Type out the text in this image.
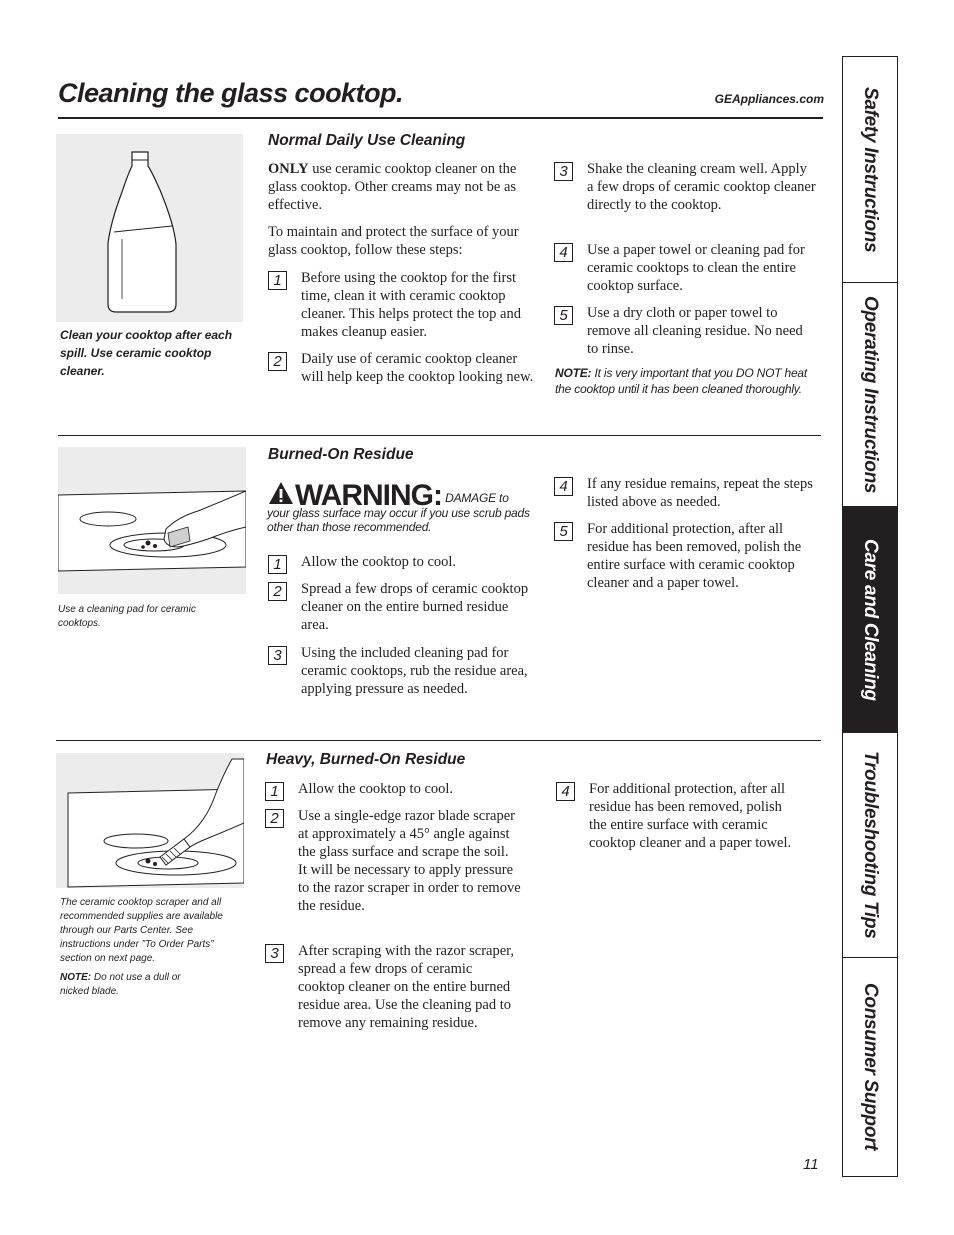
Cleaning the glass cooktop.	GEAppliances.com
Clean your cooktop after each spill. Use ceramic cooktop cleaner.
Normal Daily Use Cleaning
ONLY use ceramic cooktop cleaner on the glass cooktop. Other creams may not be as effective.
To maintain and protect the surface of your glass cooktop, follow these steps:
1	Before using the cooktop for the first time, clean it with ceramic cooktop cleaner. This helps protect the top and makes cleanup easier.
2	Daily use of ceramic cooktop cleaner will help keep the cooktop looking new.
3	Shake the cleaning cream well. Apply a few drops of ceramic cooktop cleaner directly to the cooktop.
4	Use a paper towel or cleaning pad for ceramic cooktops to clean the entire cooktop surface.
5	Use a dry cloth or paper towel to remove all cleaning residue. No need to rinse.
NOTE: It is very important that you DO NOT heat the cooktop until it has been cleaned thoroughly.
Use a cleaning pad for ceramic cooktops.
Burned-On Residue
WARNING: DAMAGE to your glass surface may occur if you use scrub pads other than those recommended.
1	Allow the cooktop to cool.
2	Spread a few drops of ceramic cooktop cleaner on the entire burned residue area.
3	Using the included cleaning pad for ceramic cooktops, rub the residue area, applying pressure as needed.
4	If any residue remains, repeat the steps listed above as needed.
5	For additional protection, after all residue has been removed, polish the entire surface with ceramic cooktop cleaner and a paper towel.
The ceramic cooktop scraper and all recommended supplies are available through our Parts Center. See instructions under ”To Order Parts” section on next page.
NOTE: Do not use a dull or nicked blade.
Heavy, Burned-On Residue
1	Allow the cooktop to cool.
2	Use a single-edge razor blade scraper at approximately a 45° angle against the glass surface and scrape the soil. It will be necessary to apply pressure to the razor scraper in order to remove the residue.
3	After scraping with the razor scraper, spread a few drops of ceramic cooktop cleaner on the entire burned residue area. Use the cleaning pad to remove any remaining residue.
4	For additional protection, after all residue has been removed, polish the entire surface with ceramic cooktop cleaner and a paper towel.
Safety Instructions
Operating Instructions
Care and Cleaning
Troubleshooting Tips
Consumer Support
11
